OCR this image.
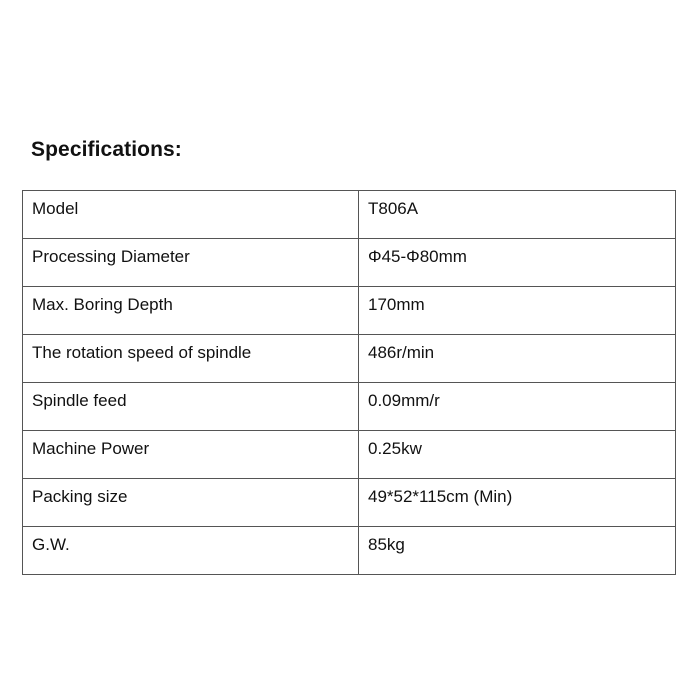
Specifications:
Model	T806A

Processing Diameter	Φ45-Φ80mm

Max. Boring Depth	170mm

The rotation speed of spindle	486r/min

Spindle feed	0.09mm/r

Machine Power	0.25kw

Packing size	49*52*115cm (Min)

G.W.	85kg
